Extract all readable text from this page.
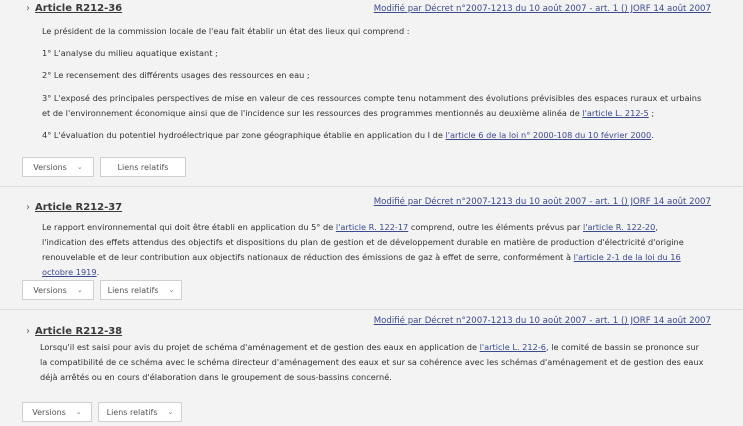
› Article R212-36	Modifié par Décret n°2007-1213 du 10 août 2007 - art. 1 () JORF 14 août 2007
Le président de la commission locale de l'eau fait établir un état des lieux qui comprend :
1° L'analyse du milieu aquatique existant ;
2° Le recensement des différents usages des ressources en eau ;
3° L'exposé des principales perspectives de mise en valeur de ces ressources compte tenu notamment des évolutions prévisibles des espaces ruraux et urbains et de l'environnement économique ainsi que de l'incidence sur les ressources des programmes mentionnés au deuxième alinéa de l'article L. 212-5 ;
4° L'évaluation du potentiel hydroélectrique par zone géographique établie en application du I de l'article 6 de la loi n° 2000-108 du 10 février 2000.
Versions ⌄	Liens relatifs
› Article R212-37	Modifié par Décret n°2007-1213 du 10 août 2007 - art. 1 () JORF 14 août 2007
Le rapport environnemental qui doit être établi en application du 5° de l'article R. 122-17 comprend, outre les éléments prévus par l'article R. 122-20, l'indication des effets attendus des objectifs et dispositions du plan de gestion et de développement durable en matière de production d'électricité d'origine renouvelable et de leur contribution aux objectifs nationaux de réduction des émissions de gaz à effet de serre, conformément à l'article 2-1 de la loi du 16 octobre 1919.
Versions ⌄	Liens relatifs ⌄
› Article R212-38
Modifié par Décret n°2007-1213 du 10 août 2007 - art. 1 () JORF 14 août 2007
Lorsqu'il est saisi pour avis du projet de schéma d'aménagement et de gestion des eaux en application de l'article L. 212-6, le comité de bassin se prononce sur la compatibilité de ce schéma avec le schéma directeur d'aménagement des eaux et sur sa cohérence avec les schémas d'aménagement et de gestion des eaux déjà arrêtés ou en cours d'élaboration dans le groupement de sous-bassins concerné.
Versions ⌄	Liens relatifs ⌄
